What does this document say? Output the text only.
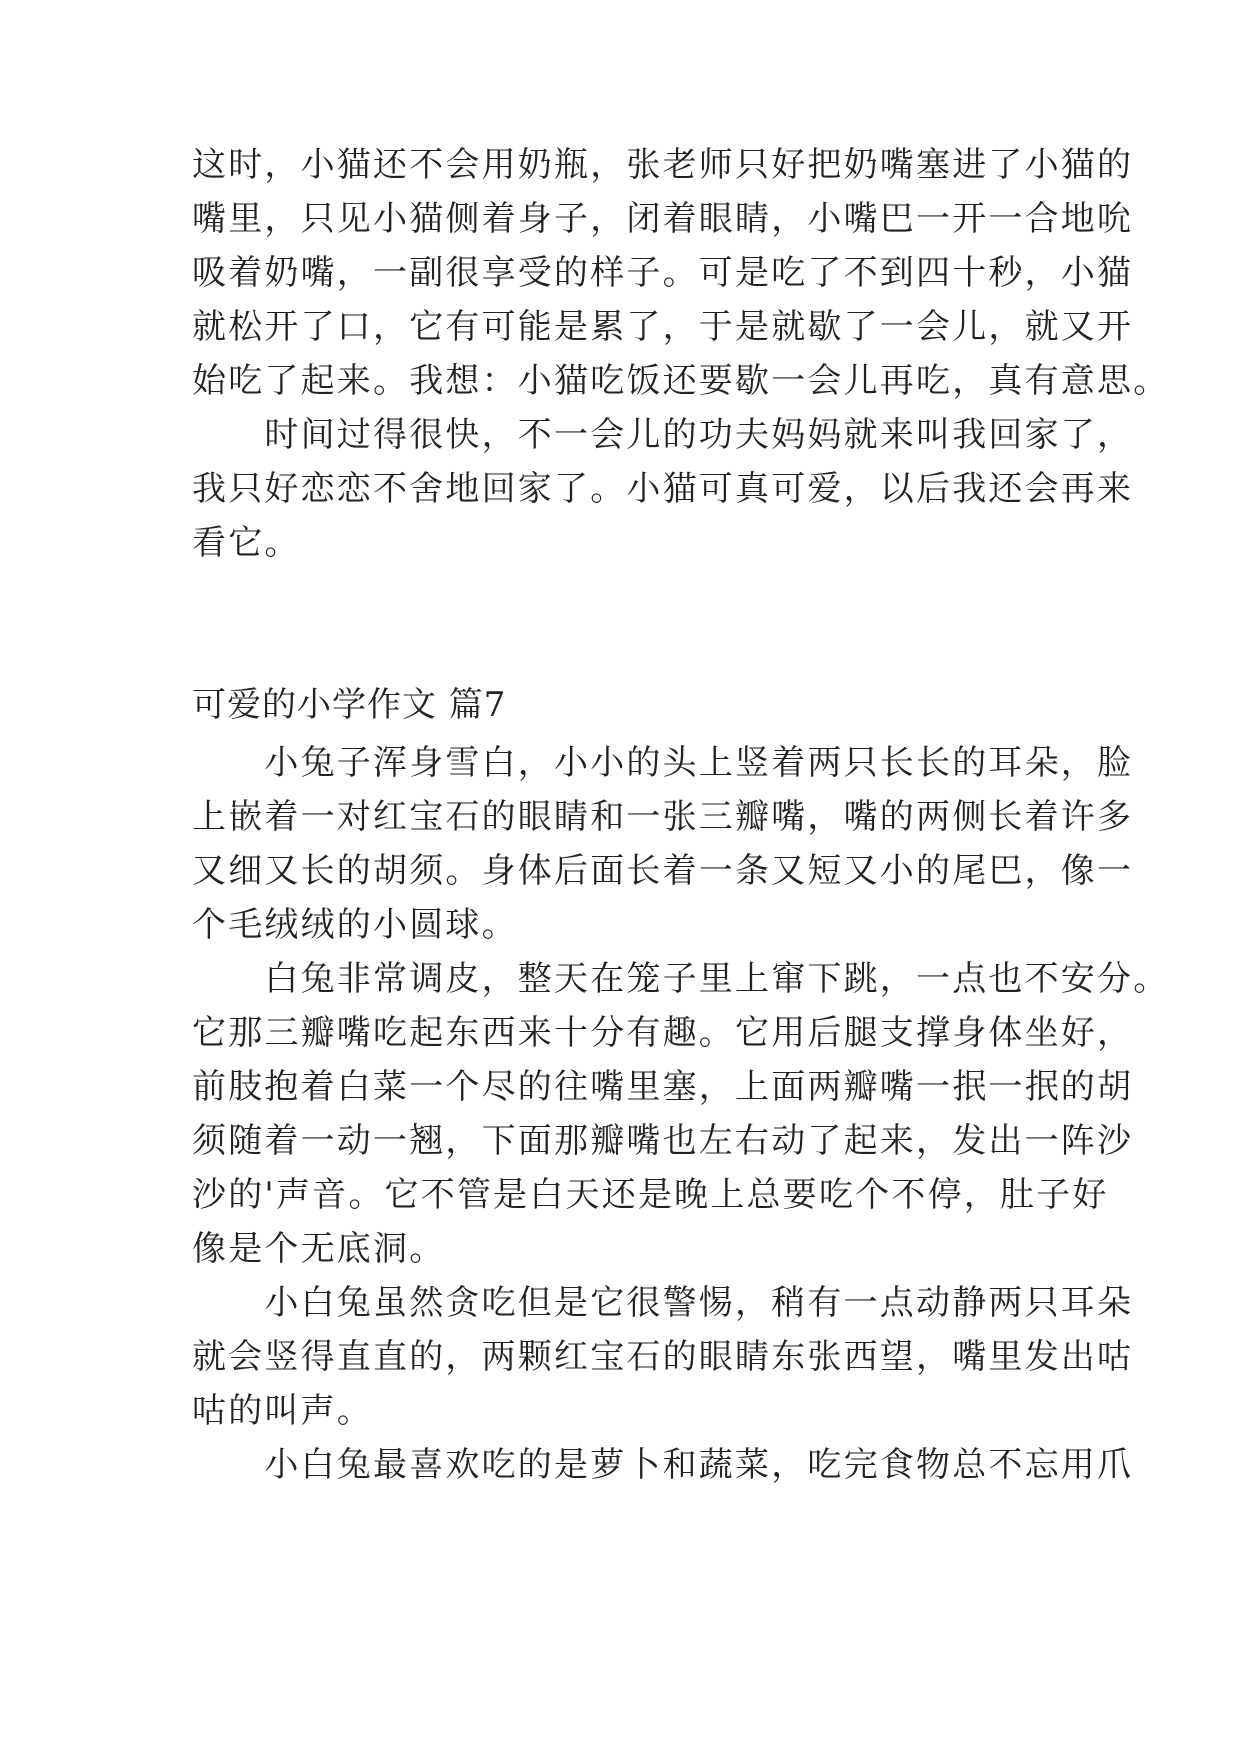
这时，小猫还不会用奶瓶，张老师只好把奶嘴塞进了小猫的
嘴里，只见小猫侧着身子，闭着眼睛，小嘴巴一开一合地吮
吸着奶嘴，一副很享受的样子。可是吃了不到四十秒，小猫
就松开了口，它有可能是累了，于是就歇了一会儿，就又开
始吃了起来。我想：小猫吃饭还要歇一会儿再吃，真有意思。
　　时间过得很快，不一会儿的功夫妈妈就来叫我回家了，
我只好恋恋不舍地回家了。小猫可真可爱，以后我还会再来
看它。
可爱的小学作文 篇7
　　小兔子浑身雪白，小小的头上竖着两只长长的耳朵，脸
上嵌着一对红宝石的眼睛和一张三瓣嘴，嘴的两侧长着许多
又细又长的胡须。身体后面长着一条又短又小的尾巴，像一
个毛绒绒的小圆球。
　　白兔非常调皮，整天在笼子里上窜下跳，一点也不安分。
它那三瓣嘴吃起东西来十分有趣。它用后腿支撑身体坐好，
前肢抱着白菜一个尽的往嘴里塞，上面两瓣嘴一抿一抿的胡
须随着一动一翘，下面那瓣嘴也左右动了起来，发出一阵沙
沙的'声音。它不管是白天还是晚上总要吃个不停，肚子好
像是个无底洞。
　　小白兔虽然贪吃但是它很警惕，稍有一点动静两只耳朵
就会竖得直直的，两颗红宝石的眼睛东张西望，嘴里发出咕
咕的叫声。
　　小白兔最喜欢吃的是萝卜和蔬菜，吃完食物总不忘用爪
